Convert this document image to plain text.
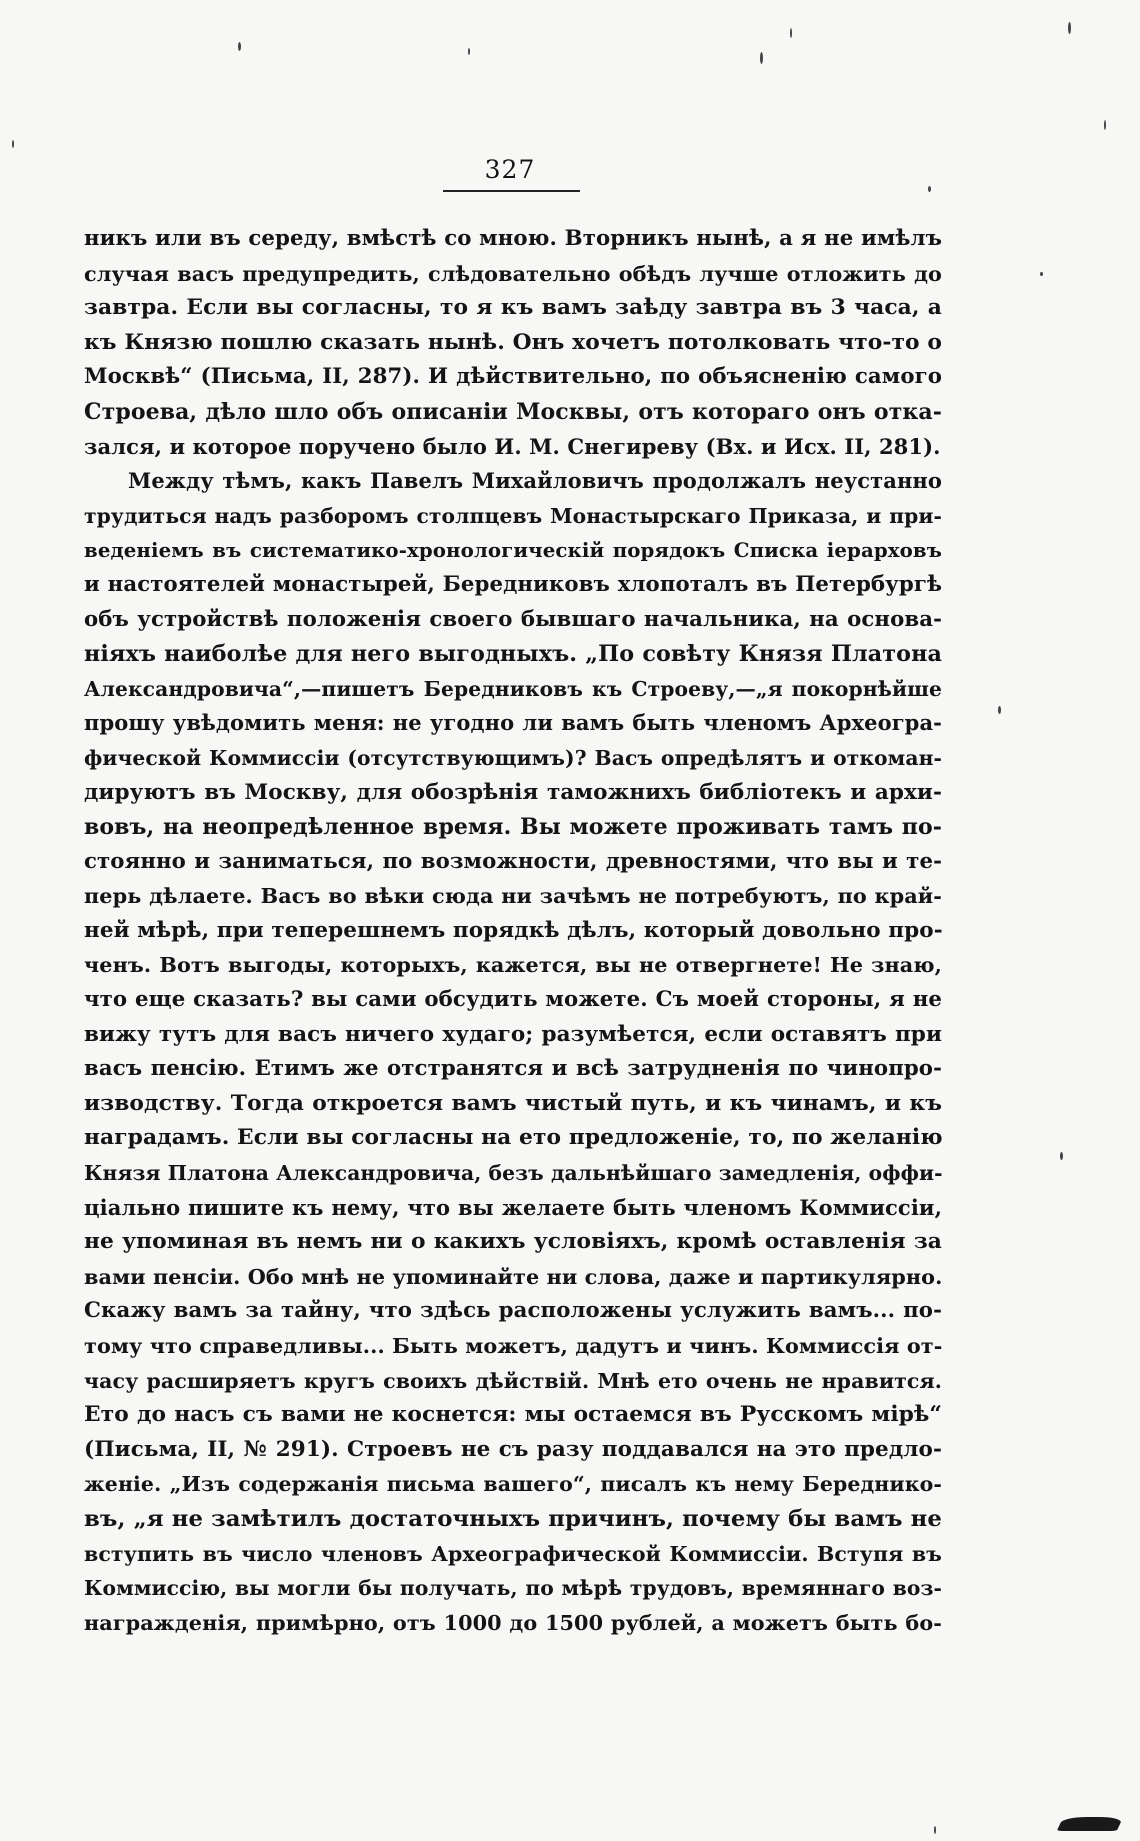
327
никъ или въ середу, вмѣстѣ со мною. Вторникъ нынѣ, а я не имѣлъ
случая васъ предупредить, слѣдовательно обѣдъ лучше отложить до
завтра. Если вы согласны, то я къ вамъ заѣду завтра въ 3 часа, а
къ Князю пошлю сказать нынѣ. Онъ хочетъ потолковать что-то о
Москвѣ“ (Письма, II, 287). И дѣйствительно, по объясненію самого
Строева, дѣло шло объ описаніи Москвы, отъ котораго онъ отка-
зался, и которое поручено было И. М. Снегиреву (Вх. и Исх. II, 281).
Между тѣмъ, какъ Павелъ Михайловичъ продолжалъ неустанно
трудиться надъ разборомъ столпцевъ Монастырскаго Приказа, и при-
веденіемъ въ систематико-хронологическій порядокъ Списка іерарховъ
и настоятелей монастырей, Бередниковъ хлопоталъ въ Петербургѣ
объ устройствѣ положенія своего бывшаго начальника, на основа-
ніяхъ наиболѣе для него выгодныхъ. „По совѣту Князя Платона
Александровича“,—пишетъ Бередниковъ къ Строеву,—„я покорнѣйше
прошу увѣдомить меня: не угодно ли вамъ быть членомъ Археогра-
фической Коммиссіи (отсутствующимъ)? Васъ опредѣлятъ и откоман-
дируютъ въ Москву, для обозрѣнія таможнихъ библіотекъ и архи-
вовъ, на неопредѣленное время. Вы можете проживать тамъ по-
стоянно и заниматься, по возможности, древностями, что вы и те-
перь дѣлаете. Васъ во вѣки сюда ни зачѣмъ не потребуютъ, по край-
ней мѣрѣ, при теперешнемъ порядкѣ дѣлъ, который довольно про-
ченъ. Вотъ выгоды, которыхъ, кажется, вы не отвергнете! Не знаю,
что еще сказать? вы сами обсудить можете. Съ моей стороны, я не
вижу тутъ для васъ ничего худаго; разумѣется, если оставятъ при
васъ пенсію. Етимъ же отстранятся и всѣ затрудненія по чинопро-
изводству. Тогда откроется вамъ чистый путь, и къ чинамъ, и къ
наградамъ. Если вы согласны на ето предложеніе, то, по желанію
Князя Платона Александровича, безъ дальнѣйшаго замедленія, оффи-
ціально пишите къ нему, что вы желаете быть членомъ Коммиссіи,
не упоминая въ немъ ни о какихъ условіяхъ, кромѣ оставленія за
вами пенсіи. Обо мнѣ не упоминайте ни слова, даже и партикулярно.
Скажу вамъ за тайну, что здѣсь расположены услужить вамъ... по-
тому что справедливы... Быть можетъ, дадутъ и чинъ. Коммиссія от-
часу расширяетъ кругъ своихъ дѣйствій. Мнѣ ето очень не нравится.
Ето до насъ съ вами не коснется: мы остаемся въ Русскомъ мірѣ“
(Письма, II, № 291). Строевъ не съ разу поддавался на это предло-
женіе. „Изъ содержанія письма вашего“, писалъ къ нему Береднико-
въ, „я не замѣтилъ достаточныхъ причинъ, почему бы вамъ не
вступить въ число членовъ Археографической Коммиссіи. Вступя въ
Коммиссію, вы могли бы получать, по мѣрѣ трудовъ, времяннаго воз-
награжденія, примѣрно, отъ 1000 до 1500 рублей, а можетъ быть бо-
